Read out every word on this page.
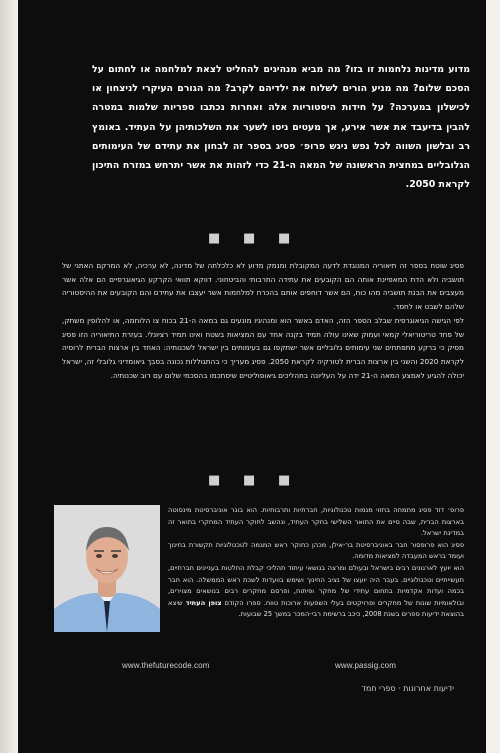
מדוע מדינות נלחמות זו בזו? מה מביא מנהיגים להחליט לצאת למלחמה או לחתום על הסכם שלום? מה מניע הורים לשלוח את ילדיהם לקרב? מה הגורם העיקרי לניצחון או לכישלון במערכה? על חידות היסטוריות אלה ואחרות נכתבו ספריות שלמות במטרה להבין בדיעבד את אשר אירע, אך מעטים ניסו לשער את השלכותיהן על העתיד. באומץ רב ובלשון השווה לכל נפש ניגש פרופ׳ פסיג בספר זה לבחון את עתידם של העימותים הגלובליים במחצית הראשונה של המאה ה-21 כדי לזהות את אשר יתרחש במזרח התיכון לקראת 2050.

■ ■ ■

פסיג שוטח בספר זה תיאוריה המנוגדת לדעה המקובלת ומנמק מדוע לא כלכלתה של מדינה, לא ערכיה, לא המרקם האתני של תושביה ולא הדת המאפיינת אותה הם הקובעים את עתידה התרבותי והביטחוני. דווקא תוואי הקרקע הגיאוגרפיים הם אלה אשר מעצבים את הבנת תושביה מהו כוח, הם אשר דוחפים אותם בהכרח למלחמות אשר יעצבו את עתידם והם הקובעים את ההיסטוריה שלהם לשבט או לחסד.

לפי הגישה הגיאוגרפית שבלב הספר הזה, האדם באשר הוא ומנהיגיו מונעים גם במאה ה-21 בכוח צו הלוחמה, או להלופין משתק, של פחד טריטוריאלי קמאי ועמוק שאינו עולה תמיד בקנה אחד עם המציאות בשטח ואינו תמיד רציונלי. בעזרת התיאוריה הזו פסיג מסיק כי ברקע מתפתחים שני עימותים גלובליים אשר ישתקפו גם בעימותים בין ישראל לשכנותיה: האחד בין ארצות הברית לרוסיה לקראת 2020 והשני בין ארצות הברית לטורקיה לקראת 2050. פסיג מעריך כי בהתגוללות נכונה בסבך גיאומדיני גלובלי זה, ישראל יכולה להגיע לאמצע המאה ה-21 ידה על העליונה בתהליכים גיאופוליטיים שיסתכמו בהסכמי שלום עם רוב שכנותיה.

■ ■ ■

פרופ׳ דוד פסיג מתמחה בחזוי מגמות טכנולוגיות, חברתיות ותרבותיות. הוא בוגר אוניברסיטת מינסוטה בארצות הברית, שבה סיים את התואר השלישי בחקר העתיד, ונהשב לחוקר העתיד המחקרי בתואר זה במדינת ישראל.

פסיג הוא פרופסור חבר באוניברסיטת בר-אילן, מכהן כחוקר ראש המגמה לטכנולוגיות תקשורת בחינוך ועומד בראש המעבדה למציאות מדומה.

הוא יועץ לארגונים רבים בישראל ובעולם ומרצה בנושאי עיתוד תהליכי קבלת החלטות בעניינים חברתיים, תעשייתיים וטכנולוגיים. בעבר היה יועצו של נציב החינוך ושימש בוועדות לשכת ראש הממשלה. הוא חבר בכמה ועדות אקדמיות בתחום עתידי של מחקר ופיתוח, ופרסם מחקרים רבים בנושאים מצוירים, ובולאומיות שונות של מחקרים ופרויקטים בעלי השפעות ארוכות טווח. ספרו הקודם צופן העתיד שיצא בהוצאת ידיעות ספרים בשנת 2008, כיכב ברשימת רבי-המכר במשך 25 שבועות.

www.thefuturecode.com	www.passig.com
ידיעות אחרונות · ספרי חמד
